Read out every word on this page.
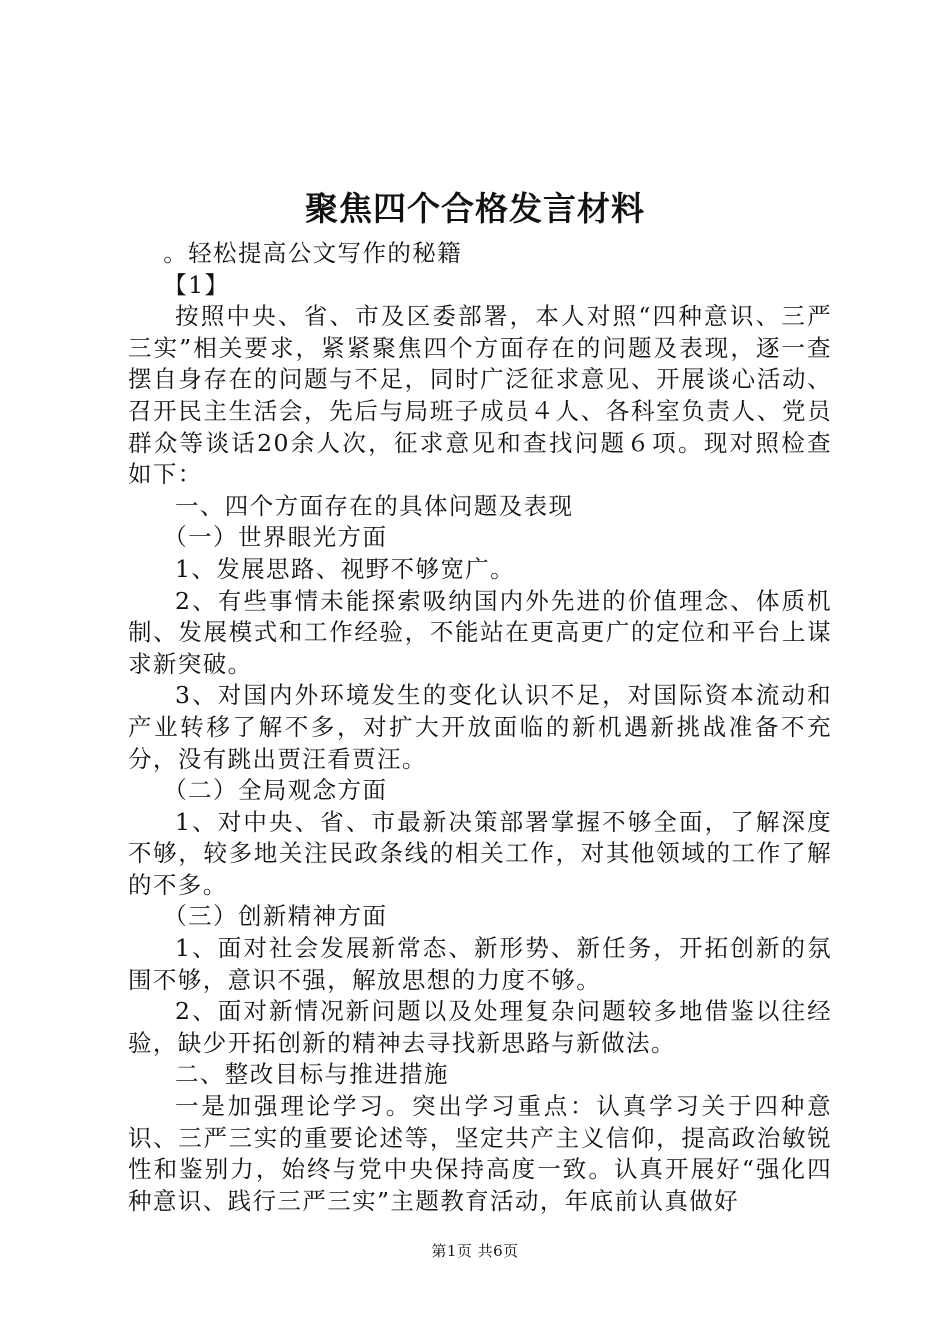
聚焦四个合格发言材料

。轻松提高公文写作的秘籍

【1】

按照中央、省、市及区委部署，本人对照“四种意识、三严三实”相关要求，紧紧聚焦四个方面存在的问题及表现，逐一查摆自身存在的问题与不足，同时广泛征求意见、开展谈心活动、召开民主生活会，先后与局班子成员４人、各科室负责人、党员群众等谈话20余人次，征求意见和查找问题６项。现对照检查如下：

一、四个方面存在的具体问题及表现

（一）世界眼光方面

1、发展思路、视野不够宽广。

2、有些事情未能探索吸纳国内外先进的价值理念、体质机制、发展模式和工作经验，不能站在更高更广的定位和平台上谋求新突破。

3、对国内外环境发生的变化认识不足，对国际资本流动和产业转移了解不多，对扩大开放面临的新机遇新挑战准备不充分，没有跳出贾汪看贾汪。

（二）全局观念方面

1、对中央、省、市最新决策部署掌握不够全面，了解深度不够，较多地关注民政条线的相关工作，对其他领域的工作了解的不多。

（三）创新精神方面

1、面对社会发展新常态、新形势、新任务，开拓创新的氛围不够，意识不强，解放思想的力度不够。

2、面对新情况新问题以及处理复杂问题较多地借鉴以往经验，缺少开拓创新的精神去寻找新思路与新做法。

二、整改目标与推进措施

一是加强理论学习。突出学习重点：认真学习关于四种意识、三严三实的重要论述等，坚定共产主义信仰，提高政治敏锐性和鉴别力，始终与党中央保持高度一致。认真开展好“强化四种意识、践行三严三实”主题教育活动，年底前认真做好

第1页 共6页
